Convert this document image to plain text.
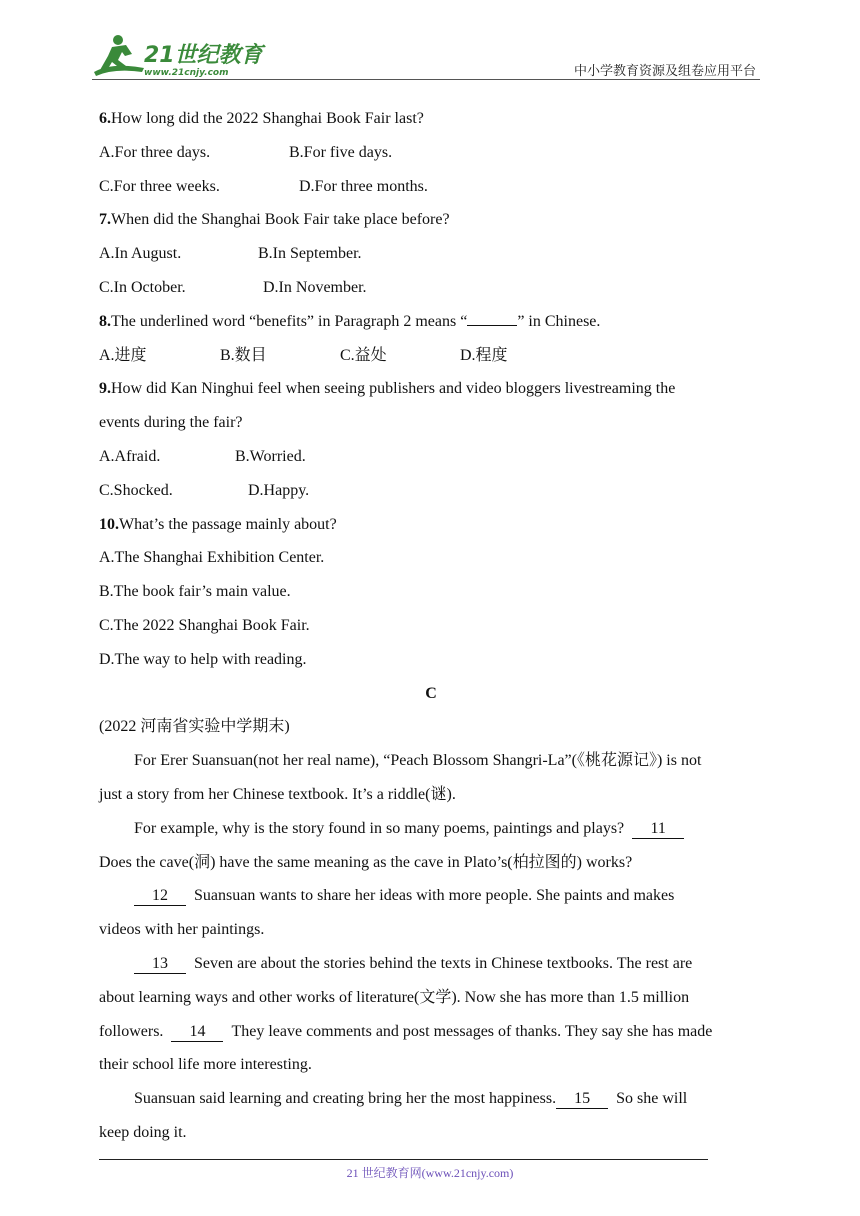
21世纪教育
www.21cnjy.com	中小学教育资源及组卷应用平台
6.How long did the 2022 Shanghai Book Fair last?
A.For three days.	B.For five days.
C.For three weeks.	D.For three months.
7.When did the Shanghai Book Fair take place before?
A.In August.	B.In September.
C.In October.	D.In November.
8.The underlined word “benefits” in Paragraph 2 means “	” in Chinese.
A.进度	B.数目	C.益处	D.程度
9.How did Kan Ninghui feel when seeing publishers and video bloggers livestreaming the
events during the fair?
A.Afraid.	B.Worried.
C.Shocked.	D.Happy.
10.What’s the passage mainly about?
A.The Shanghai Exhibition Center.
B.The book fair’s main value.
C.The 2022 Shanghai Book Fair.
D.The way to help with reading.
C
(2022 河南省实验中学期末)
For Erer Suansuan(not her real name), “Peach Blossom Shangri-La”(《桃花源记》) is not
just a story from her Chinese textbook. It’s a riddle(谜).
For example, why is the story found in so many poems, paintings and plays? 11
Does the cave(洞) have the same meaning as the cave in Plato’s(柏拉图的) works?
12 Suansuan wants to share her ideas with more people. She paints and makes
videos with her paintings.
13 Seven are about the stories behind the texts in Chinese textbooks. The rest are
about learning ways and other works of literature(文学). Now she has more than 1.5 million
followers. 14 They leave comments and post messages of thanks. They say she has made
their school life more interesting.
Suansuan said learning and creating bring her the most happiness. 15 So she will
keep doing it.
21 世纪教育网(www.21cnjy.com)
